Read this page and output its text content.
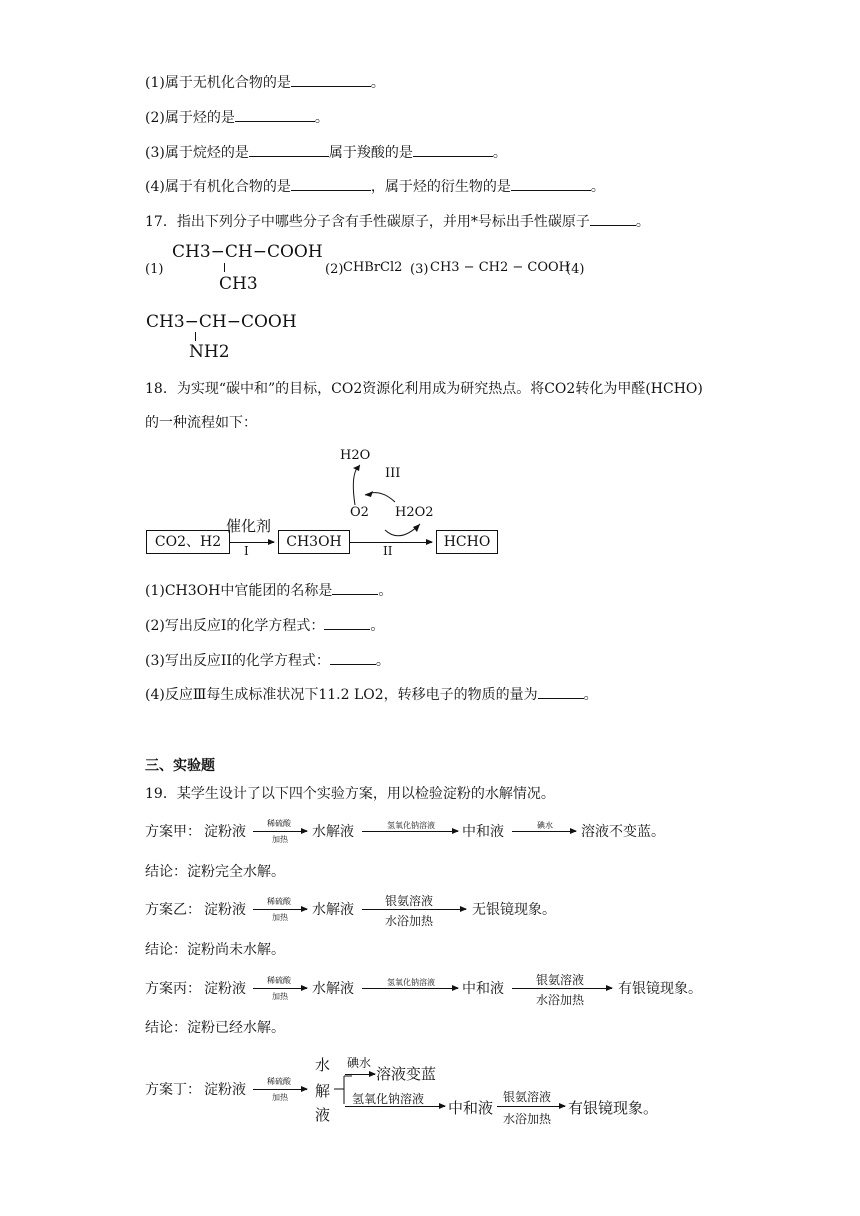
(1)属于无机化合物的是	。
(2)属于烃的是	。
(3)属于烷烃的是	属于羧酸的是	。
(4)属于有机化合物的是	，属于烃的衍生物的是	。
17．指出下列分子中哪些分子含有手性碳原子，并用*号标出手性碳原子	。
(1)
CH3−CH−COOH
CH3
(2) CHBrCl2 (3) CH3 − CH2 − COOH
(4)
CH3−CH−COOH
NH2
18．为实现“碳中和”的目标，CO2资源化利用成为研究热点。将CO2转化为甲醛(HCHO)
的一种流程如下：
CO2、H2
催化剂
I
CH3OH
II
HCHO
H2O
III
O2 H2O2
(1)CH3OH中官能团的名称是	。
(2)写出反应I的化学方程式：	。
(3)写出反应II的化学方程式：	。
(4)反应Ⅲ每生成标准状况下11.2 LO2，转移电子的物质的量为	。
三、实验题
19．某学生设计了以下四个实验方案，用以检验淀粉的水解情况。
方案甲： 淀粉液
稀硫酸
加热 水解液	氢氧化钠溶液 中和液	碘水 溶液不变蓝。
结论：淀粉完全水解。
方案乙： 淀粉液
稀硫酸
加热 水解液
银氨溶液
水浴加热
无银镜现象。
结论：淀粉尚未水解。
方案丙： 淀粉液
稀硫酸
加热 水解液	氢氧化钠溶液 中和液
银氨溶液
水浴加热
有银镜现象。
结论：淀粉已经水解。
方案丁： 淀粉液
稀硫酸
加热
水
解
液
碘水
溶液变蓝
氢氧化钠溶液 中和液
银氨溶液
水浴加热
有银镜现象。
